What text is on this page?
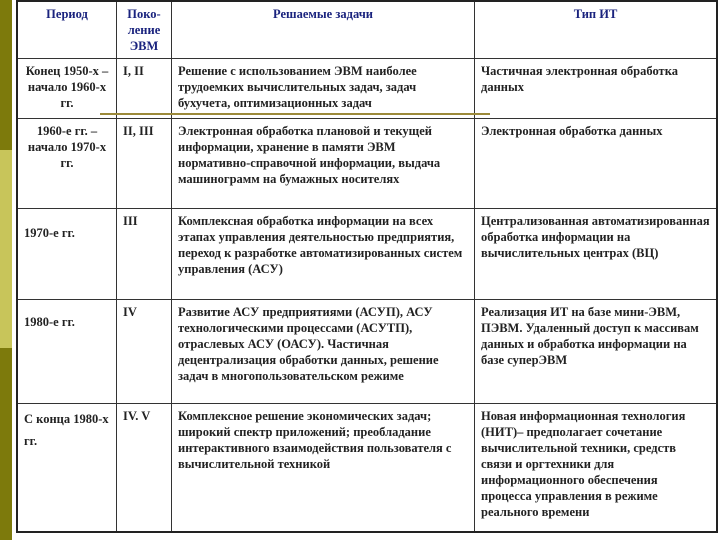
Период	Поко-ление ЭВМ	Решаемые задачи	Тип ИТ
Конец 1950-х – начало 1960-х гг.	I, II	Решение с использованием ЭВМ наиболее трудоемких вычислительных задач, задач бухучета, оптимизационных задач	Частичная электронная обработка данных
1960-е гг. – начало 1970-х гг.	II, III	Электронная обработка плановой и текущей информации, хранение в памяти ЭВМ нормативно-справочной информации, выдача машинограмм на бумажных носителях	Электронная обработка данных
1970-е гг.	III	Комплексная обработка информации на всех этапах управления деятельностью предприятия, переход к разработке автоматизированных систем управления (АСУ)	Централизованная автоматизированная обработка информации на вычислительных центрах (ВЦ)
1980-е гг.	IV	Развитие АСУ предприятиями (АСУП), АСУ технологическими процессами (АСУТП), отраслевых АСУ (ОАСУ). Частичная децентрализация обработки данных, решение задач в многопользовательском режиме	Реализация ИТ на базе мини-ЭВМ, ПЭВМ. Удаленный доступ к массивам данных и обработка информации на базе суперЭВМ
С конца 1980-х гг.	IV. V	Комплексное решение экономических задач; широкий спектр приложений; преобладание интерактивного взаимодействия пользователя с вычислительной техникой	Новая информационная технология (НИТ)– предполагает сочетание вычислительной техники, средств связи и оргтехники для информационного обеспечения процесса управления в режиме реального времени
